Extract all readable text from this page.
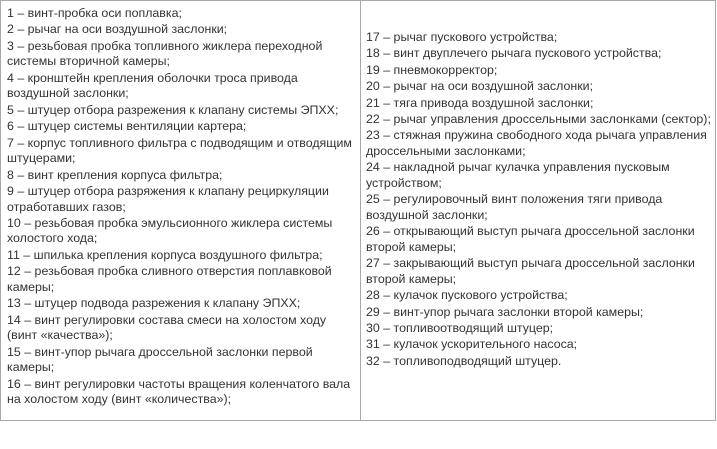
1 – винт-пробка оси поплавка;
2 – рычаг на оси воздушной заслонки;
3 – резьбовая пробка топливного жиклера переходной системы вторичной камеры;
4 – кронштейн крепления оболочки троса привода воздушной заслонки;
5 – штуцер отбора разрежения к клапану системы ЭПХХ;
6 – штуцер системы вентиляции картера;
7 – корпус топливного фильтра с подводящим и отводящим штуцерами;
8 – винт крепления корпуса фильтра;
9 – штуцер отбора разряжения к клапану рециркуляции отработавших газов;
10 – резьбовая пробка эмульсионного жиклера системы холостого хода;
11 – шпилька крепления корпуса воздушного фильтра;
12 – резьбовая пробка сливного отверстия поплавковой камеры;
13 – штуцер подвода разрежения к клапану ЭПХХ;
14 – винт регулировки состава смеси на холостом ходу (винт «качества»);
15 – винт-упор рычага дроссельной заслонки первой камеры;
16 – винт регулировки частоты вращения коленчатого вала на холостом ходу (винт «количества»);

17 – рычаг пускового устройства;
18 – винт двуплечего рычага пускового устройства;
19 – пневмокорректор;
20 – рычаг на оси воздушной заслонки;
21 – тяга привода воздушной заслонки;
22 – рычаг управления дроссельными заслонками (сектор);
23 – стяжная пружина свободного хода рычага управления дроссельными заслонками;
24 – накладной рычаг кулачка управления пусковым устройством;
25 – регулировочный винт положения тяги привода воздушной заслонки;
26 – открывающий выступ рычага дроссельной заслонки второй камеры;
27 – закрывающий выступ рычага дроссельной заслонки второй камеры;
28 – кулачок пускового устройства;
29 – винт-упор рычага заслонки второй камеры;
30 – топливоотводящий штуцер;
31 – кулачок ускорительного насоса;
32 – топливоподводящий штуцер.
